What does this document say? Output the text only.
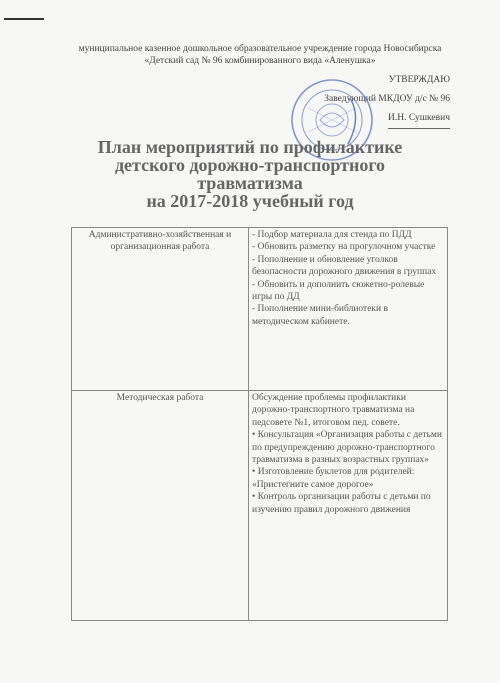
муниципальное казенное дошкольное образовательное учреждение города Новосибирска
«Детский сад № 96 комбинированного вида «Аленушка»
УТВЕРЖДАЮ
Заведующий МКДОУ д/с № 96
И.Н. Сушкевич
План мероприятий по профилактике
детского дорожно-транспортного
травматизма
на 2017-2018 учебный год
Административно-хозяйственная и организационная работа	- Подбор материала для стенда по ПДД
- Обновить разметку на прогулочном участке
- Пополнение и обновление уголков безопасности дорожного движения в группах
- Обновить и дополнить сюжетно-ролевые игры по ДД
- Пополнение мини-библиотеки в методическом кабинете.

Методическая работа	Обсуждение проблемы профилактики дорожно-транспортного травматизма на педсовете №1, итоговом пед. совете.
• Консультация «Организация работы с детьми по предупреждению дорожно-транспортного травматизма в разных возрастных группах»
• Изготовление буклетов для родителей: «Пристегните самое дорогое»
• Контроль организации работы с детьми по изучению правил дорожного движения
